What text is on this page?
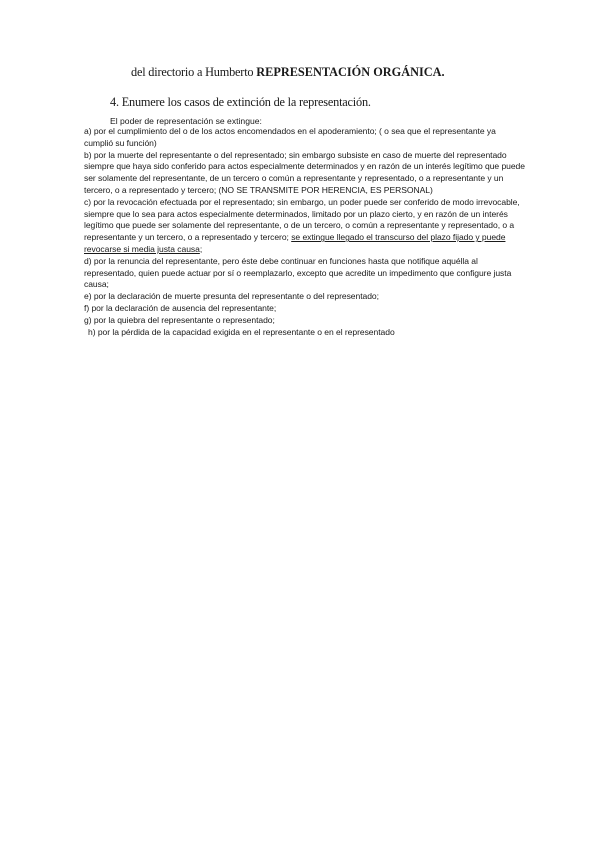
del directorio a Humberto REPRESENTACIÓN ORGÁNICA.
4. Enumere los casos de extinción de la representación.
El poder de representación se extingue:

a) por el cumplimiento del o de los actos encomendados en el apoderamiento; ( o sea que el representante ya cumplió su función)

b) por la muerte del representante o del representado; sin embargo subsiste en caso de muerte del representado siempre que haya sido conferido para actos especialmente determinados y en razón de un interés legítimo que puede ser solamente del representante, de un tercero o común a representante y representado, o a representante y un tercero, o a representado y tercero; (NO SE TRANSMITE POR HERENCIA, ES PERSONAL)

c) por la revocación efectuada por el representado; sin embargo, un poder puede ser conferido de modo irrevocable, siempre que lo sea para actos especialmente determinados, limitado por un plazo cierto, y en razón de un interés legítimo que puede ser solamente del representante, o de un tercero, o común a representante y representado, o a representante y un tercero, o a representado y tercero; se extingue llegado el transcurso del plazo fijado y puede revocarse si media justa causa;

d) por la renuncia del representante, pero éste debe continuar en funciones hasta que notifique aquélla al representado, quien puede actuar por sí o reemplazarlo, excepto que acredite un impedimento que configure justa causa;

e) por la declaración de muerte presunta del representante o del representado;

f) por la declaración de ausencia del representante;

g) por la quiebra del representante o representado;

h) por la pérdida de la capacidad exigida en el representante o en el representado
